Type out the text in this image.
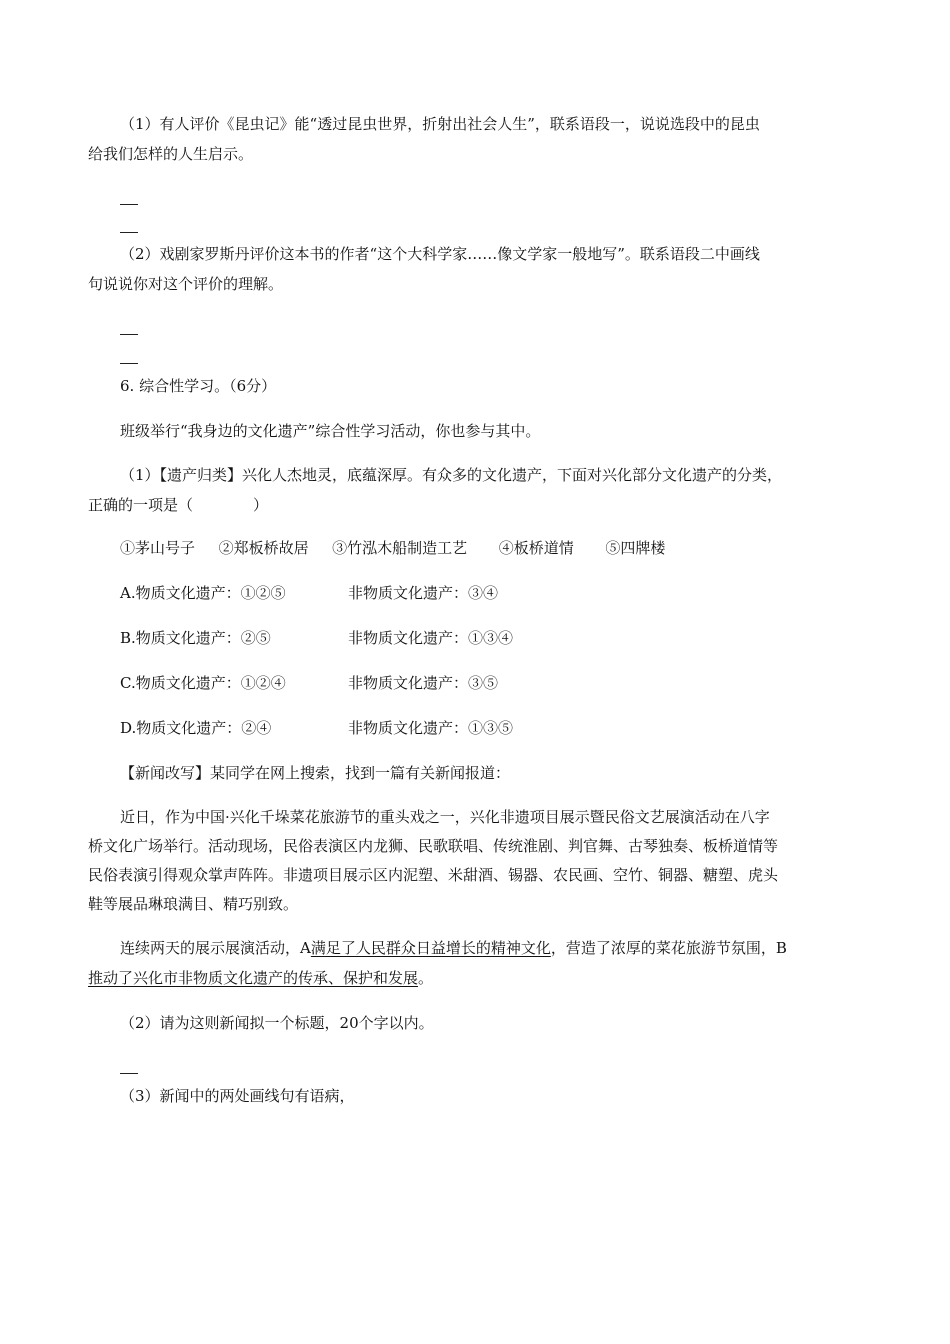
（1）有人评价《昆虫记》能“透过昆虫世界，折射出社会人生”，联系语段一，说说选段中的昆虫
给我们怎样的人生启示。
（2）戏剧家罗斯丹评价这本书的作者“这个大科学家……像文学家一般地写”。联系语段二中画线
句说说你对这个评价的理解。
6. 综合性学习。（6分）
班级举行“我身边的文化遗产”综合性学习活动，你也参与其中。
（1）【遗产归类】兴化人杰地灵，底蕴深厚。有众多的文化遗产，下面对兴化部分文化遗产的分类，
正确的一项是（　　　　）
①茅山号子 ②郑板桥故居 ③竹泓木船制造工艺 ④板桥道情 ⑤四牌楼
A.物质文化遗产：①②⑤	非物质文化遗产：③④
B.物质文化遗产：②⑤	非物质文化遗产：①③④
C.物质文化遗产：①②④	非物质文化遗产：③⑤
D.物质文化遗产：②④	非物质文化遗产：①③⑤
【新闻改写】某同学在网上搜索，找到一篇有关新闻报道：
近日，作为中国·兴化千垛菜花旅游节的重头戏之一，兴化非遗项目展示暨民俗文艺展演活动在八字
桥文化广场举行。活动现场，民俗表演区内龙狮、民歌联唱、传统淮剧、判官舞、古琴独奏、板桥道情等
民俗表演引得观众掌声阵阵。非遗项目展示区内泥塑、米甜酒、锡器、农民画、空竹、铜器、糖塑、虎头
鞋等展品琳琅满目、精巧别致。
连续两天的展示展演活动，A满足了人民群众日益增长的精神文化，营造了浓厚的菜花旅游节氛围，B
推动了兴化市非物质文化遗产的传承、保护和发展。
（2）请为这则新闻拟一个标题，20个字以内。
（3）新闻中的两处画线句有语病，
